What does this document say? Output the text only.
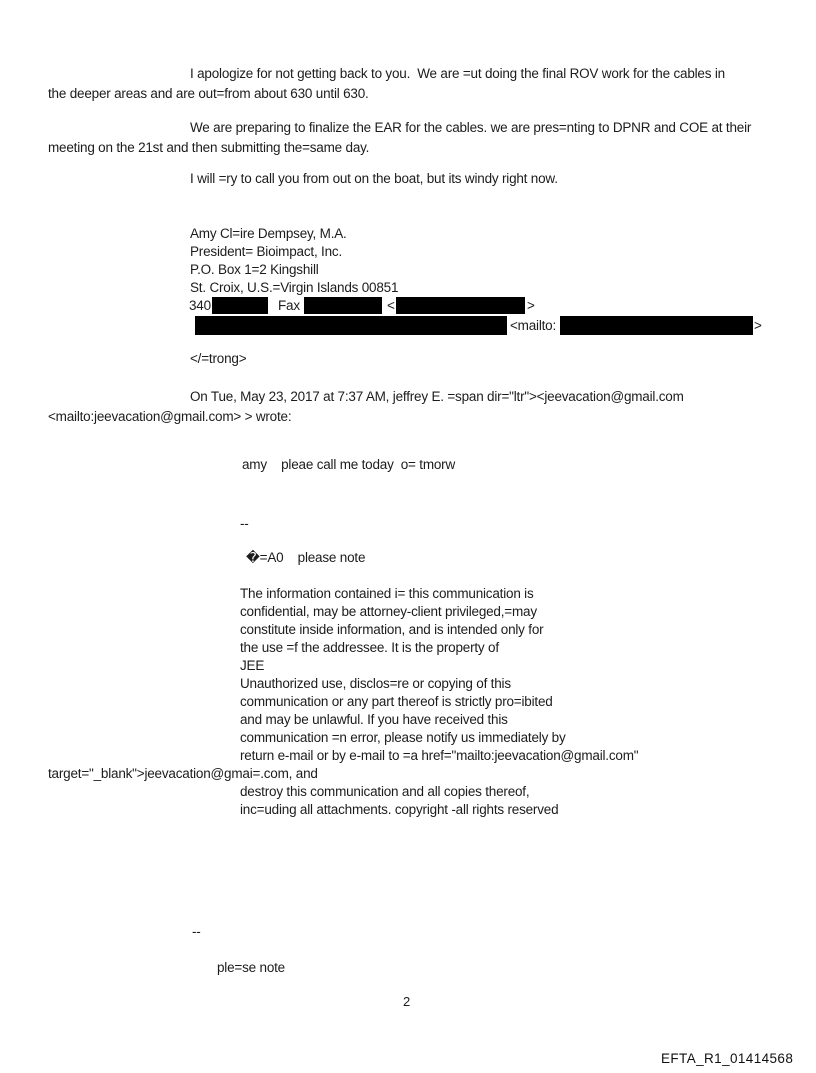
I apologize for not getting back to you.  We are =ut doing the final ROV work for the cables in
the deeper areas and are out=from about 630 until 630.
We are preparing to finalize the EAR for the cables. we are pres=nting to DPNR and COE at their
meeting on the 21st and then submitting the=same day.
I will =ry to call you from out on the boat, but its windy right now.
Amy Cl=ire Dempsey, M.A.
President= Bioimpact, Inc.
P.O. Box 1=2 Kingshill
St. Croix, U.S.=Virgin Islands 00851
340	Fax	<	>
<mailto:	>
</=trong>
On Tue, May 23, 2017 at 7:37 AM, jeffrey E. =span dir="ltr"><jeevacation@gmail.com
<mailto:jeevacation@gmail.com> > wrote:
amy    pleae call me today  o= tmorw
--
�=A0    please note
The information contained i= this communication is
confidential, may be attorney-client privileged,=may
constitute inside information, and is intended only for
the use =f the addressee. It is the property of
JEE
Unauthorized use, disclos=re or copying of this
communication or any part thereof is strictly pro=ibited
and may be unlawful. If you have received this
communication =n error, please notify us immediately by
return e-mail or by e-mail to =a href="mailto:jeevacation@gmail.com"
target="_blank">jeevacation@gmai=.com, and
destroy this communication and all copies thereof,
inc=uding all attachments. copyright -all rights reserved
--
ple=se note
2
EFTA_R1_01414568
